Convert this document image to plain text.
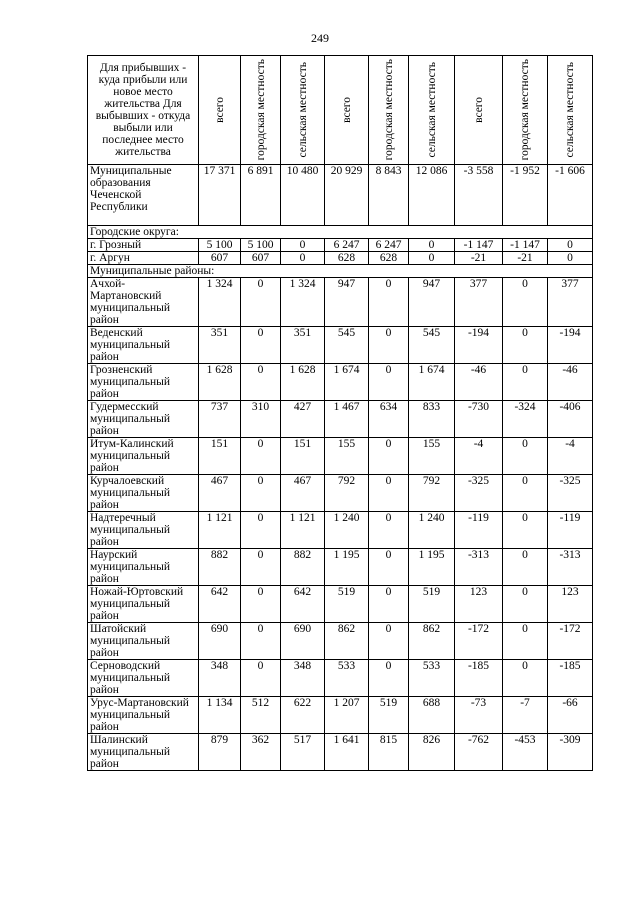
249
Для прибывших - куда прибыли или новое место жительства Для выбывших - откуда выбыли или последнее место жительства	всего	городская местность	сельская местность	всего	городская местность	сельская местность	всего	городская местность	сельская местность

Муниципальные образования Чеченской Республики	17 371	6 891	10 480	20 929	8 843	12 086	-3 558	-1 952	-1 606
Городские округа:									
г. Грозный	5 100	5 100	0	6 247	6 247	0	-1 147	-1 147	0
г. Аргун	607	607	0	628	628	0	-21	-21	0
Муниципальные районы:									
Ачхой-Мартановский муниципальный район	1 324	0	1 324	947	0	947	377	0	377
Веденский муниципальный район	351	0	351	545	0	545	-194	0	-194
Грозненский муниципальный район	1 628	0	1 628	1 674	0	1 674	-46	0	-46
Гудермесский муниципальный район	737	310	427	1 467	634	833	-730	-324	-406
Итум-Калинский муниципальный район	151	0	151	155	0	155	-4	0	-4
Курчалоевский муниципальный район	467	0	467	792	0	792	-325	0	-325
Надтеречный муниципальный район	1 121	0	1 121	1 240	0	1 240	-119	0	-119
Наурский муниципальный район	882	0	882	1 195	0	1 195	-313	0	-313
Ножай-Юртовский муниципальный район	642	0	642	519	0	519	123	0	123
Шатойский муниципальный район	690	0	690	862	0	862	-172	0	-172
Серноводский муниципальный район	348	0	348	533	0	533	-185	0	-185
Урус-Мартановский муниципальный район	1 134	512	622	1 207	519	688	-73	-7	-66
Шалинский муниципальный район	879	362	517	1 641	815	826	-762	-453	-309
